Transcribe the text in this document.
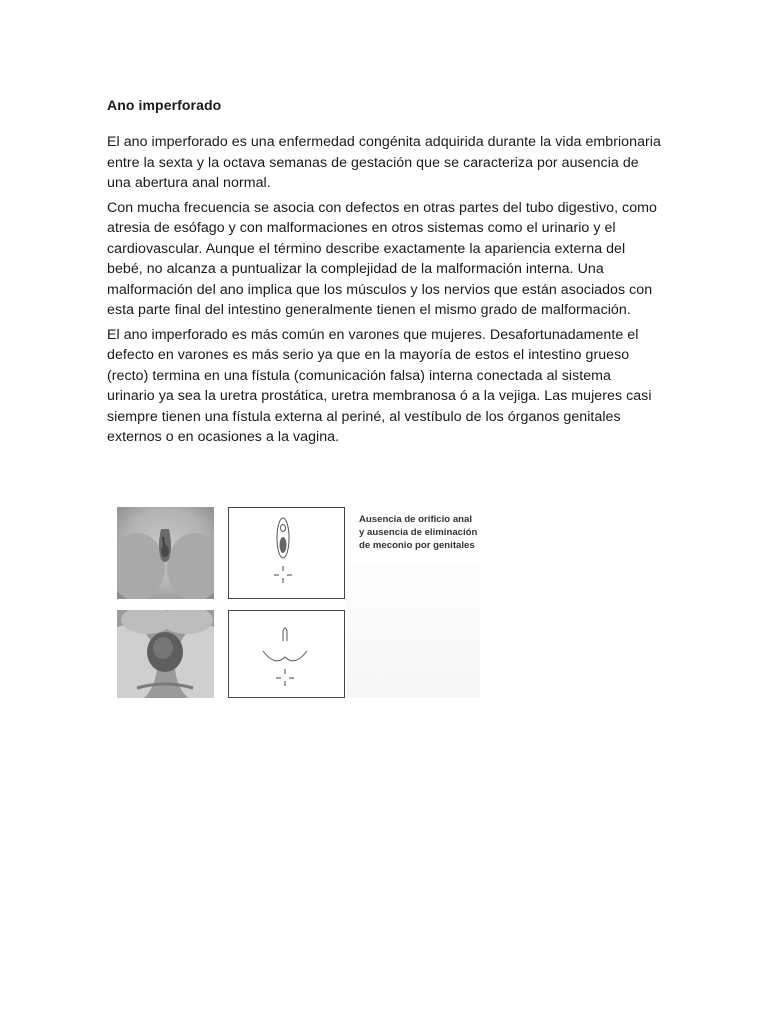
Ano imperforado

El ano imperforado es una enfermedad congénita adquirida durante la vida embrionaria entre la sexta y la octava semanas de gestación que se caracteriza por ausencia de una abertura anal normal.

Con mucha frecuencia se asocia con defectos en otras partes del tubo digestivo, como atresia de esófago y con malformaciones en otros sistemas como el urinario y el cardiovascular. Aunque el término describe exactamente la apariencia externa del bebé, no alcanza a puntualizar la complejidad de la malformación interna. Una malformación del ano implica que los músculos y los nervios que están asociados con esta parte final del intestino generalmente tienen el mismo grado de malformación.

El ano imperforado es más común en varones que mujeres. Desafortunadamente el defecto en varones es más serio ya que en la mayoría de estos el intestino grueso (recto) termina en una fístula (comunicación falsa) interna conectada al sistema urinario ya sea la uretra prostática, uretra membranosa ó a la vejiga. Las mujeres casi siempre tienen una fístula externa al periné, al vestíbulo de los órganos genitales externos o en ocasiones a la vagina.

Ausencia de orificio anal
y ausencia de eliminación
de meconio por genitales
